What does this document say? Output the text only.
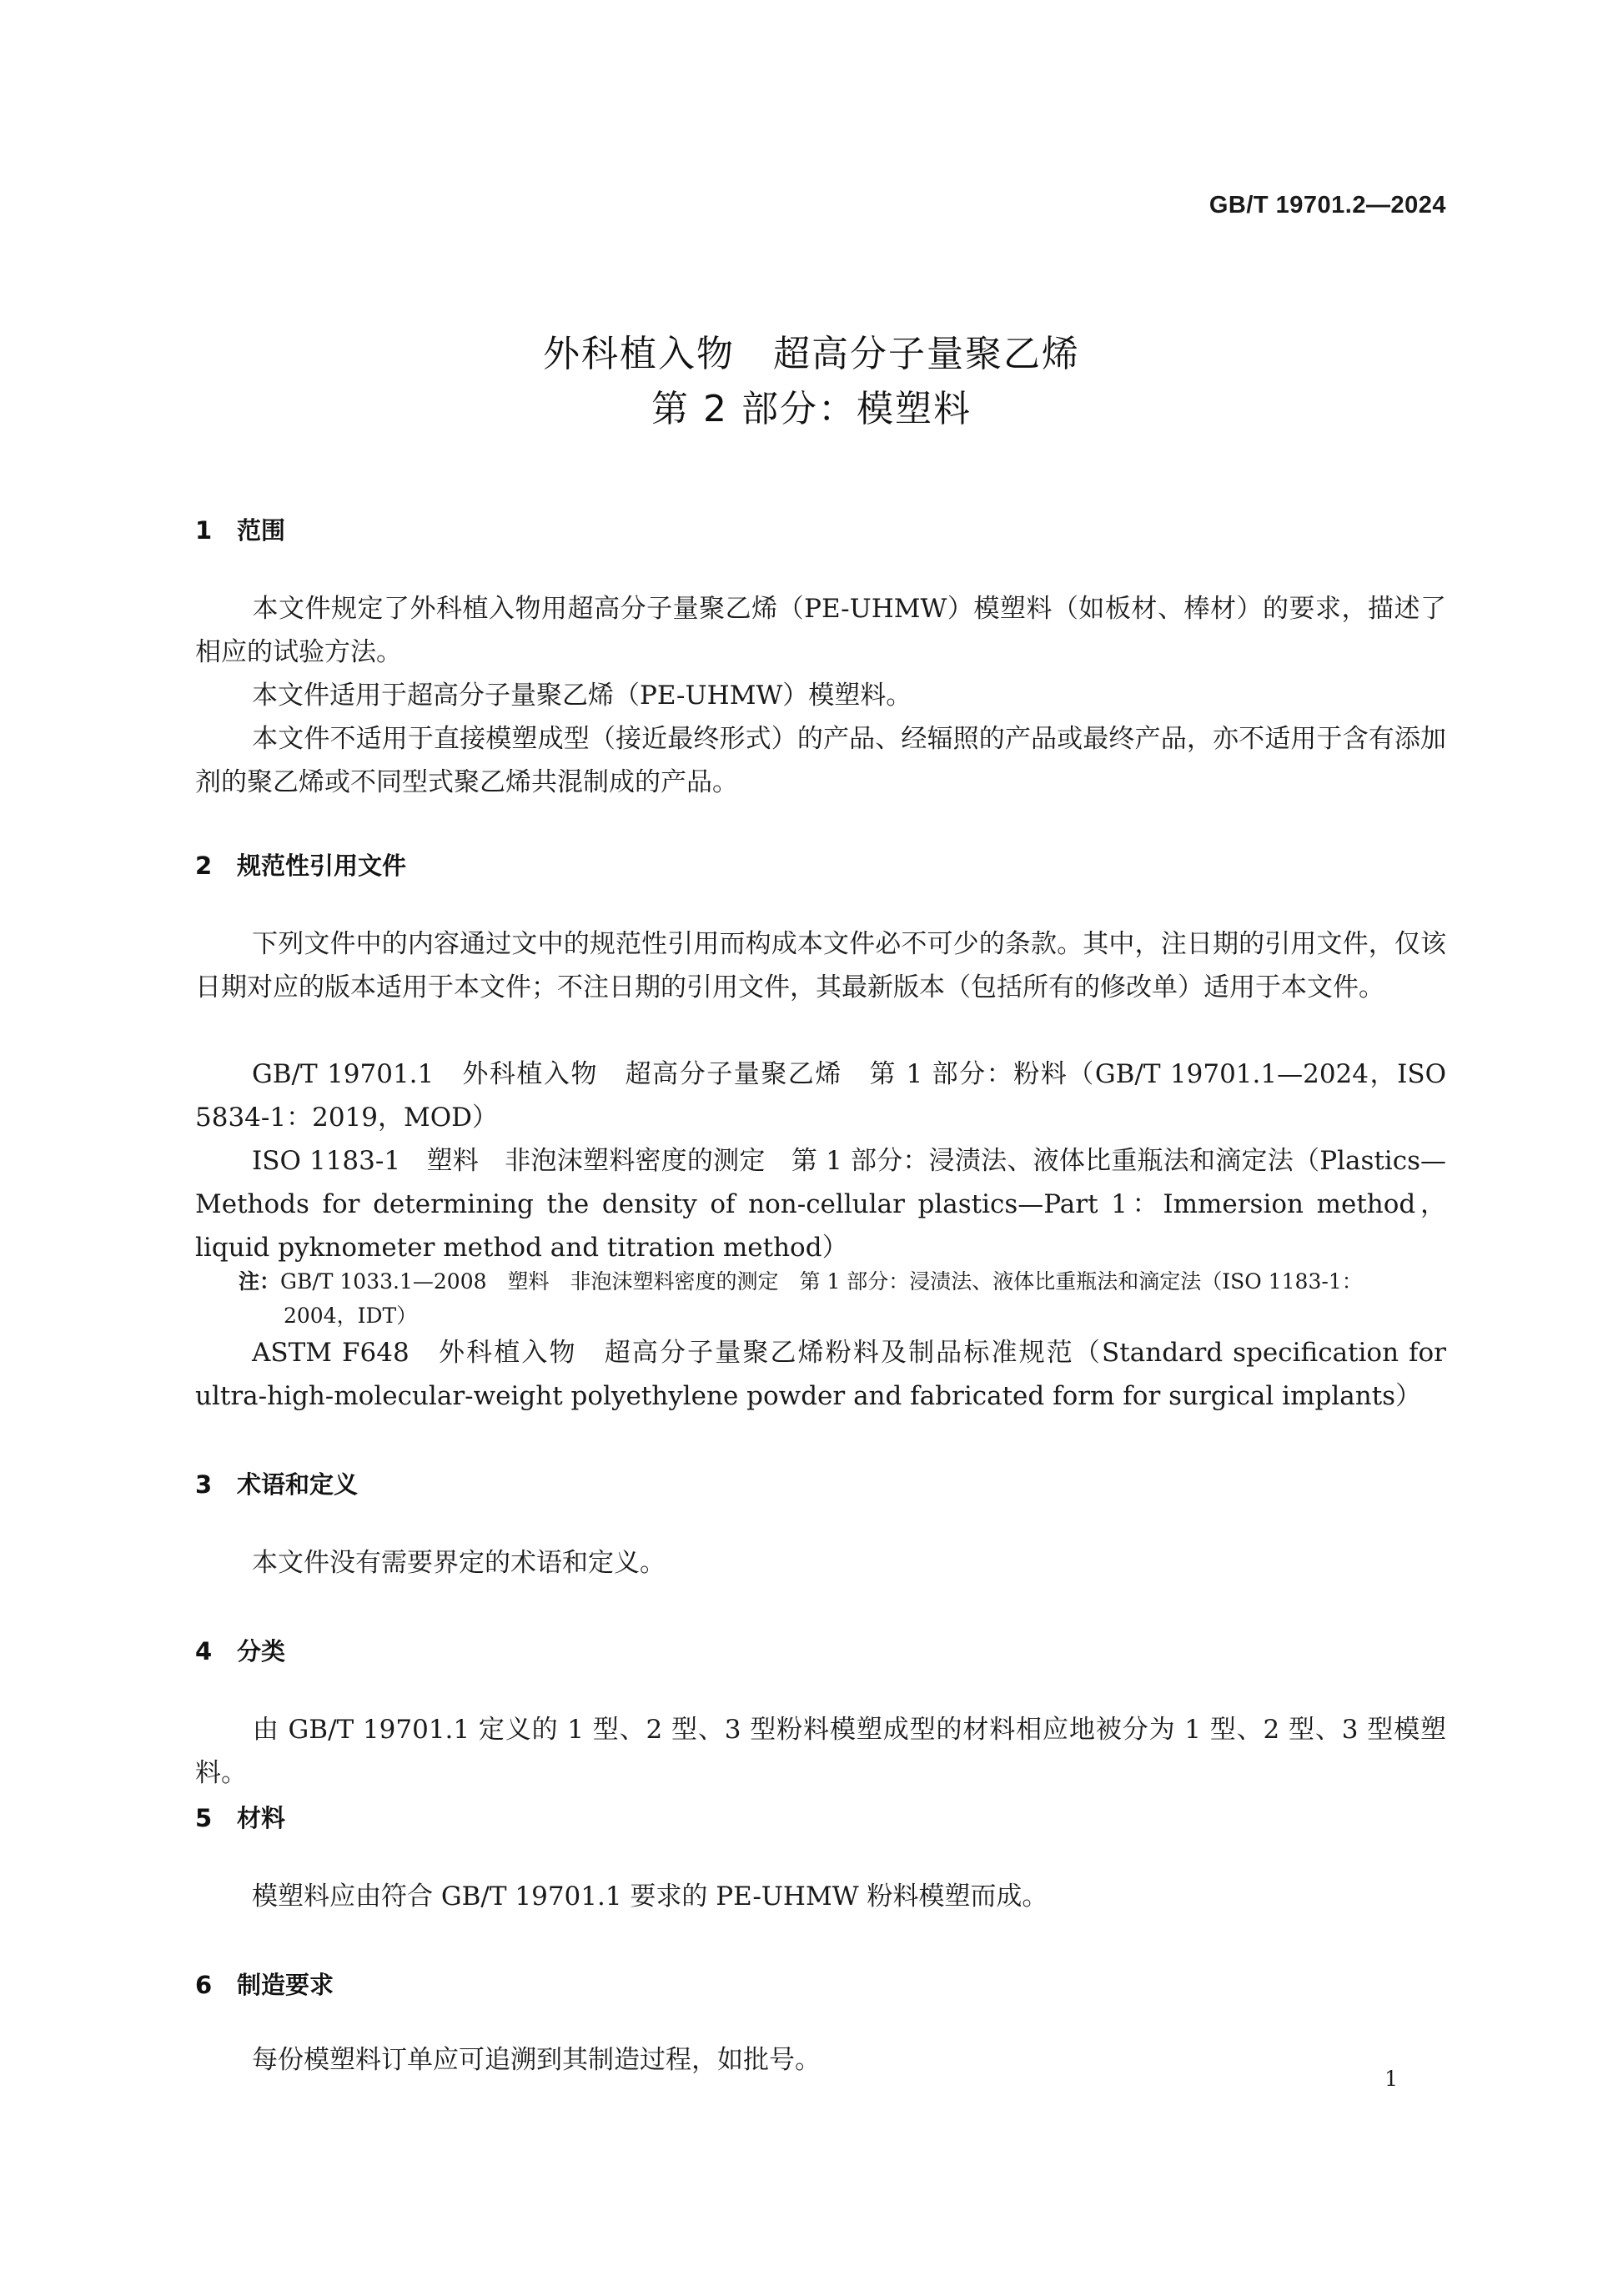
GB/T 19701.2—2024
外科植入物　超高分子量聚乙烯
第 2 部分：模塑料
1 范围
本文件规定了外科植入物用超高分子量聚乙烯（PE-UHMW）模塑料（如板材、棒材）的要求，描述了相应的试验方法。
本文件适用于超高分子量聚乙烯（PE-UHMW）模塑料。
本文件不适用于直接模塑成型（接近最终形式）的产品、经辐照的产品或最终产品，亦不适用于含有添加剂的聚乙烯或不同型式聚乙烯共混制成的产品。
2 规范性引用文件
下列文件中的内容通过文中的规范性引用而构成本文件必不可少的条款。其中，注日期的引用文件，仅该日期对应的版本适用于本文件；不注日期的引用文件，其最新版本（包括所有的修改单）适用于本文件。
GB/T 19701.1　外科植入物　超高分子量聚乙烯　第 1 部分：粉料（GB/T 19701.1—2024，ISO 5834-1：2019，MOD）
ISO 1183-1　塑料　非泡沫塑料密度的测定　第 1 部分：浸渍法、液体比重瓶法和滴定法（Plastics—Methods for determining the density of non-cellular plastics—Part 1：Immersion method，liquid pyknometer method and titration method）
注：GB/T 1033.1—2008　塑料　非泡沫塑料密度的测定　第 1 部分：浸渍法、液体比重瓶法和滴定法（ISO 1183-1：
2004，IDT）
ASTM F648　外科植入物　超高分子量聚乙烯粉料及制品标准规范（Standard specification for ultra-high-molecular-weight polyethylene powder and fabricated form for surgical implants）
3 术语和定义
本文件没有需要界定的术语和定义。
4 分类
由 GB/T 19701.1 定义的 1 型、2 型、3 型粉料模塑成型的材料相应地被分为 1 型、2 型、3 型模塑料。
5 材料
模塑料应由符合 GB/T 19701.1 要求的 PE-UHMW 粉料模塑而成。
6 制造要求
每份模塑料订单应可追溯到其制造过程，如批号。
1
